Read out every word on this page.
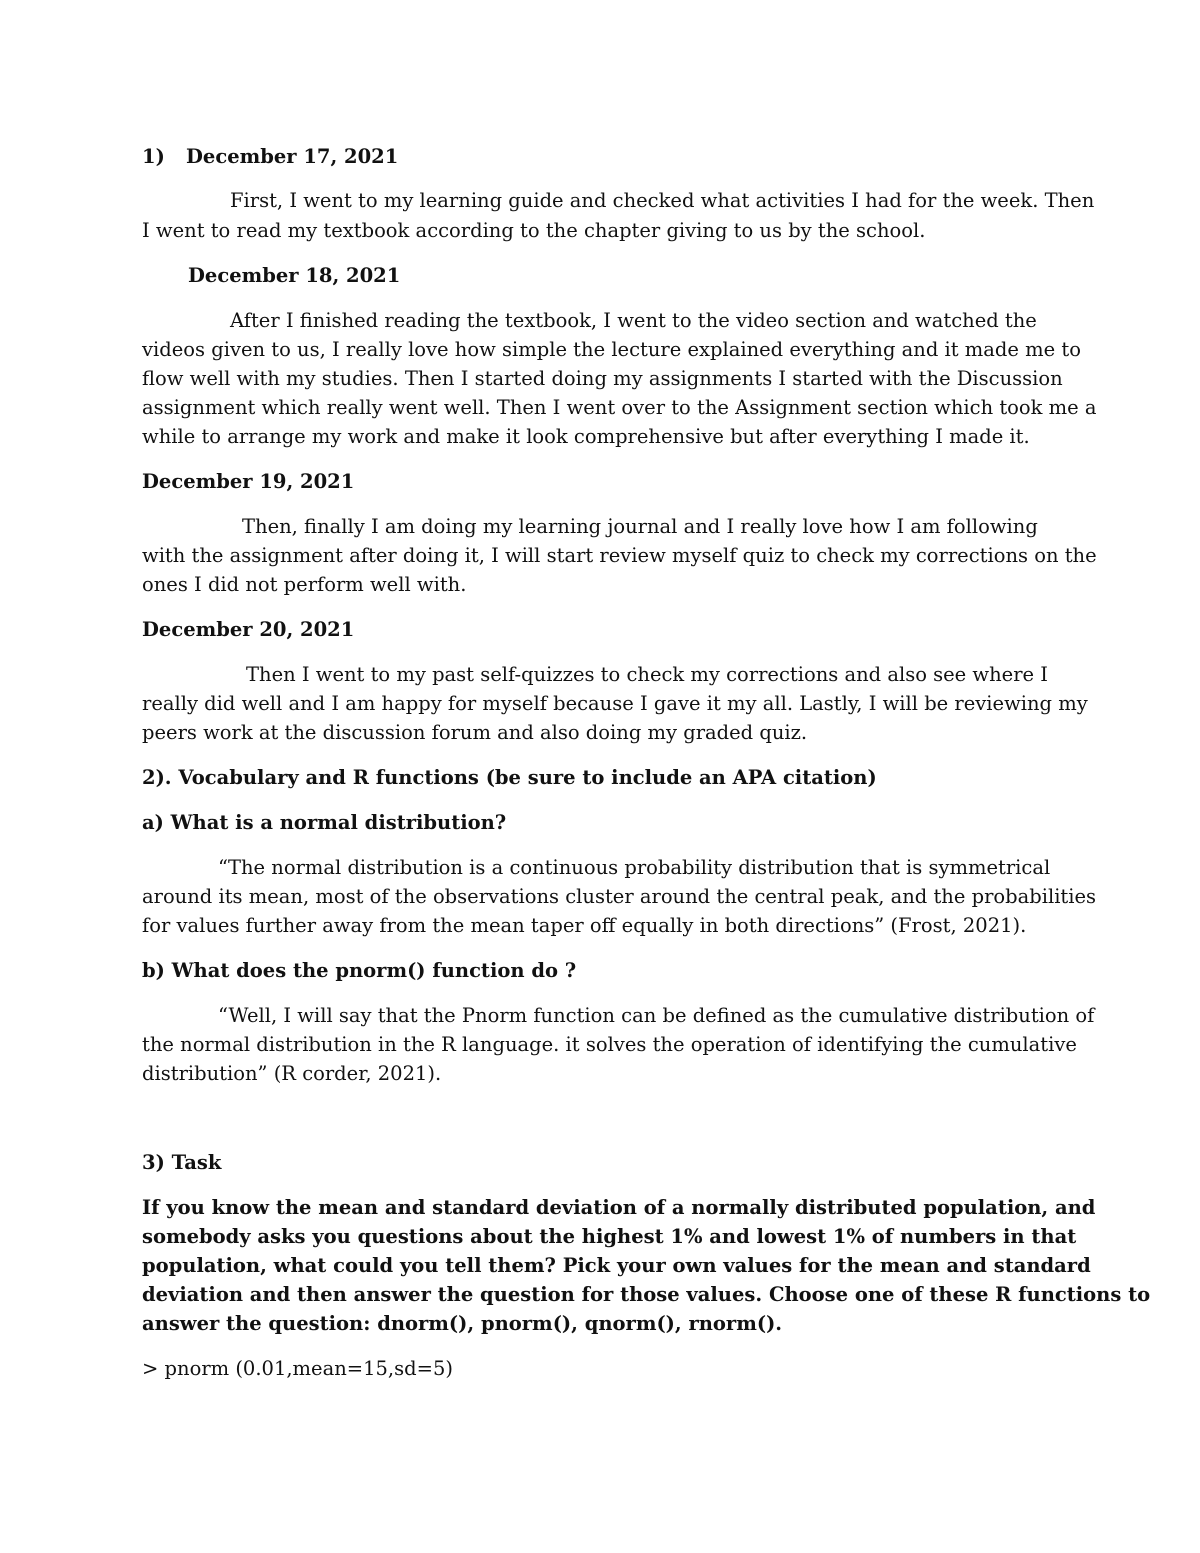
1) December 17, 2021
First, I went to my learning guide and checked what activities I had for the week. Then
I went to read my textbook according to the chapter giving to us by the school.
December 18, 2021
After I finished reading the textbook, I went to the video section and watched the
videos given to us, I really love how simple the lecture explained everything and it made me to
flow well with my studies. Then I started doing my assignments I started with the Discussion
assignment which really went well. Then I went over to the Assignment section which took me a
while to arrange my work and make it look comprehensive but after everything I made it.
December 19, 2021
Then, finally I am doing my learning journal and I really love how I am following
with the assignment after doing it, I will start review myself quiz to check my corrections on the
ones I did not perform well with.
December 20, 2021
Then I went to my past self-quizzes to check my corrections and also see where I
really did well and I am happy for myself because I gave it my all. Lastly, I will be reviewing my
peers work at the discussion forum and also doing my graded quiz.
2). Vocabulary and R functions (be sure to include an APA citation)
a) What is a normal distribution?
“The normal distribution is a continuous probability distribution that is symmetrical
around its mean, most of the observations cluster around the central peak, and the probabilities
for values further away from the mean taper off equally in both directions” (Frost, 2021).
b) What does the pnorm() function do ?
“Well, I will say that the Pnorm function can be defined as the cumulative distribution of
the normal distribution in the R language. it solves the operation of identifying the cumulative
distribution” (R corder, 2021).
3) Task
If you know the mean and standard deviation of a normally distributed population, and
somebody asks you questions about the highest 1% and lowest 1% of numbers in that
population, what could you tell them? Pick your own values for the mean and standard
deviation and then answer the question for those values. Choose one of these R functions to
answer the question: dnorm(), pnorm(), qnorm(), rnorm().
> pnorm (0.01,mean=15,sd=5)
